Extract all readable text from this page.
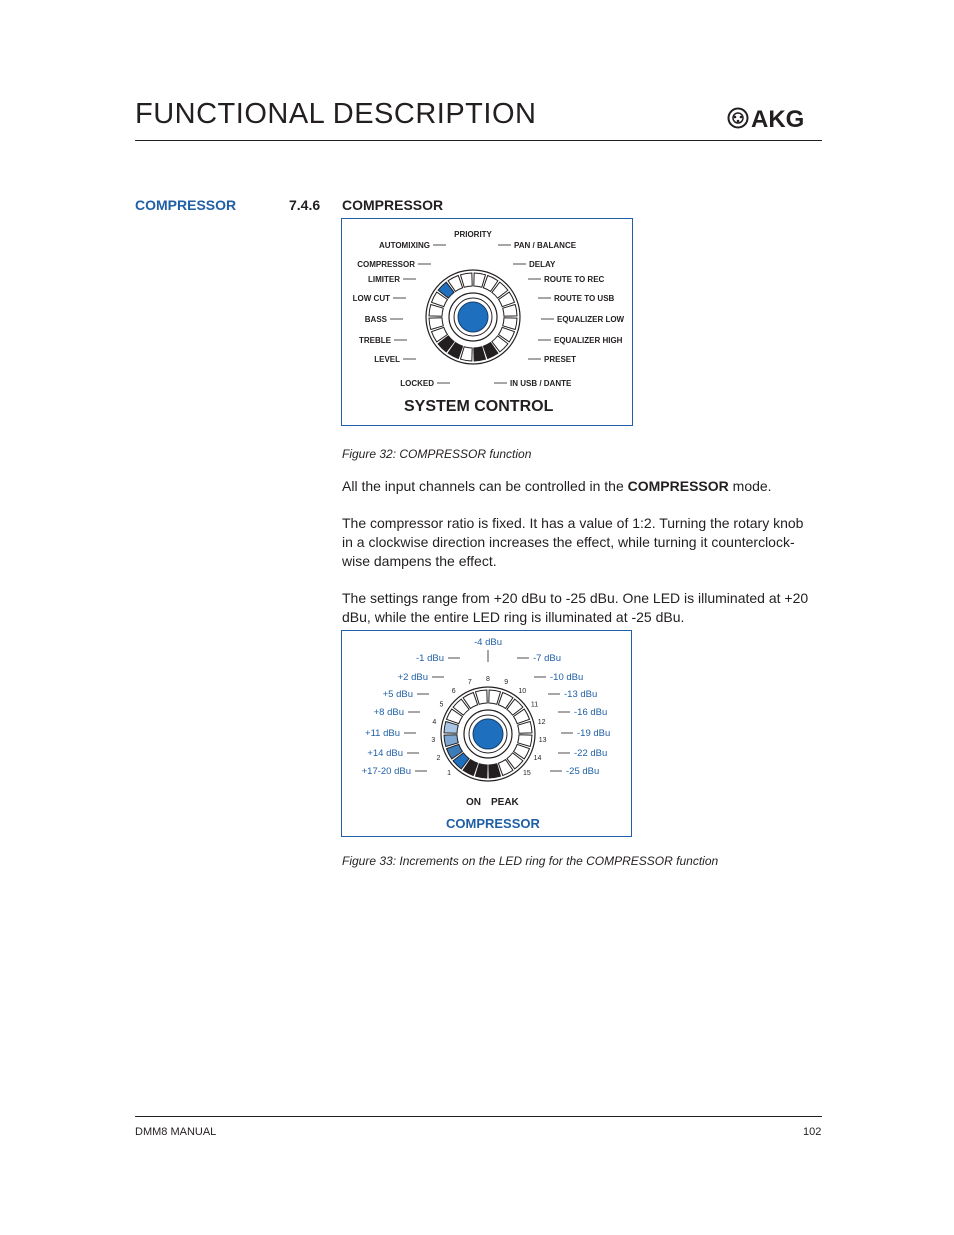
FUNCTIONAL DESCRIPTION	AKG
COMPRESSOR	7.4.6 COMPRESSOR
AUTOMIXING
COMPRESSOR
LIMITER
LOW CUT
BASS
TREBLE
LEVEL
LOCKED
PAN / BALANCE
DELAY
ROUTE TO REC
ROUTE TO USB
EQUALIZER LOW
EQUALIZER HIGH
PRESET
IN USB / DANTE
PRIORITY
SYSTEM CONTROL
Figure 32: COMPRESSOR function

All the input channels can be controlled in the COMPRESSOR mode.

The compressor ratio is fixed. It has a value of 1:2. Turning the rotary knob in a clockwise direction increases the effect, while turning it counterclock-wise dampens the effect.

The settings range from +20 dBu to -25 dBu. One LED is illuminated at +20 dBu, while the entire LED ring is illuminated at -25 dBu.

-1 dBu
+2 dBu
+5 dBu
+8 dBu
+11 dBu
+14 dBu
+17-20 dBu
-7 dBu
-10 dBu
-13 dBu
-16 dBu
-19 dBu
-22 dBu
-25 dBu
-4 dBu
1
2
3
4
5
6
7 8 9
10
11
12
13
14
15
ON PEAK
COMPRESSOR
Figure 33: Increments on the LED ring for the COMPRESSOR function
DMM8 MANUAL	102
